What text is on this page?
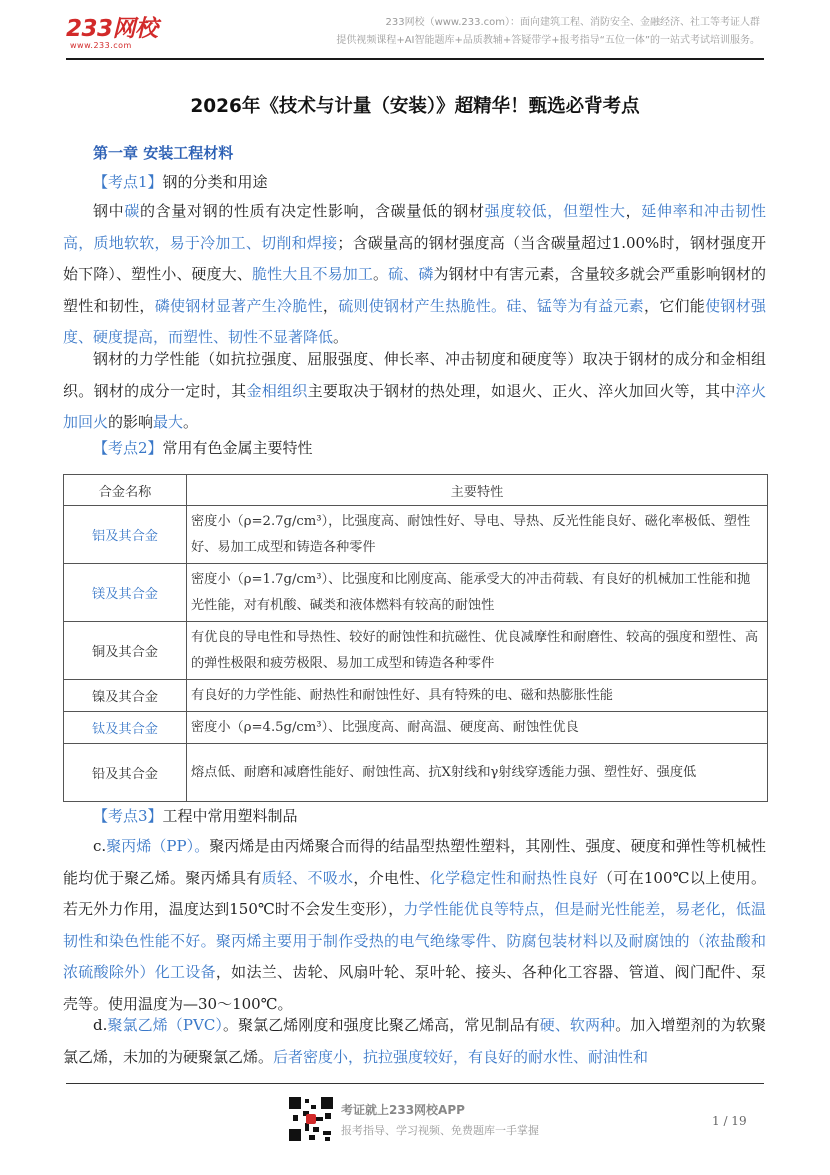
233网校
www.233.com
233网校（www.233.com）：面向建筑工程、消防安全、金融经济、社工等考证人群
提供视频课程+AI智能题库+品质教辅+答疑带学+报考指导“五位一体”的一站式考试培训服务。
2026年《技术与计量（安装）》超精华！甄选必背考点
第一章 安装工程材料
【考点1】钢的分类和用途
钢中碳的含量对钢的性质有决定性影响，含碳量低的钢材强度较低，但塑性大，延伸率和冲击韧性高，质地软软，易于冷加工、切削和焊接；含碳量高的钢材强度高（当含碳量超过1.00%时，钢材强度开始下降）、塑性小、硬度大、脆性大且不易加工。硫、磷为钢材中有害元素，含量较多就会严重影响钢材的塑性和韧性，磷使钢材显著产生冷脆性，硫则使钢材产生热脆性。硅、锰等为有益元素，它们能使钢材强度、硬度提高，而塑性、韧性不显著降低。
钢材的力学性能（如抗拉强度、屈服强度、伸长率、冲击韧度和硬度等）取决于钢材的成分和金相组织。钢材的成分一定时，其金相组织主要取决于钢材的热处理，如退火、正火、淬火加回火等，其中淬火加回火的影响最大。
【考点2】常用有色金属主要特性
合金名称	主要特性
铝及其合金	密度小（ρ=2.7g/cm³），比强度高、耐蚀性好、导电、导热、反光性能良好、磁化率极低、塑性好、易加工成型和铸造各种零件
镁及其合金	密度小（ρ=1.7g/cm³）、比强度和比刚度高、能承受大的冲击荷载、有良好的机械加工性能和抛光性能，对有机酸、碱类和液体燃料有较高的耐蚀性
铜及其合金	有优良的导电性和导热性、较好的耐蚀性和抗磁性、优良减摩性和耐磨性、较高的强度和塑性、高的弹性极限和疲劳极限、易加工成型和铸造各种零件
镍及其合金	有良好的力学性能、耐热性和耐蚀性好、具有特殊的电、磁和热膨胀性能
钛及其合金	密度小（ρ=4.5g/cm³）、比强度高、耐高温、硬度高、耐蚀性优良
铅及其合金	熔点低、耐磨和减磨性能好、耐蚀性高、抗X射线和γ射线穿透能力强、塑性好、强度低
【考点3】工程中常用塑料制品
c.聚丙烯（PP）。聚丙烯是由丙烯聚合而得的结晶型热塑性塑料，其刚性、强度、硬度和弹性等机械性能均优于聚乙烯。聚丙烯具有质轻、不吸水，介电性、化学稳定性和耐热性良好（可在100℃以上使用。若无外力作用，温度达到150℃时不会发生变形），力学性能优良等特点，但是耐光性能差，易老化，低温韧性和染色性能不好。聚丙烯主要用于制作受热的电气绝缘零件、防腐包装材料以及耐腐蚀的（浓盐酸和浓硫酸除外）化工设备，如法兰、齿轮、风扇叶轮、泵叶轮、接头、各种化工容器、管道、阀门配件、泵壳等。使用温度为—30～100℃。
d.聚氯乙烯（PVC）。聚氯乙烯刚度和强度比聚乙烯高，常见制品有硬、软两种。加入增塑剂的为软聚氯乙烯，未加的为硬聚氯乙烯。后者密度小，抗拉强度较好，有良好的耐水性、耐油性和
考证就上233网校APP
报考指导、学习视频、免费题库一手掌握
1 / 19
